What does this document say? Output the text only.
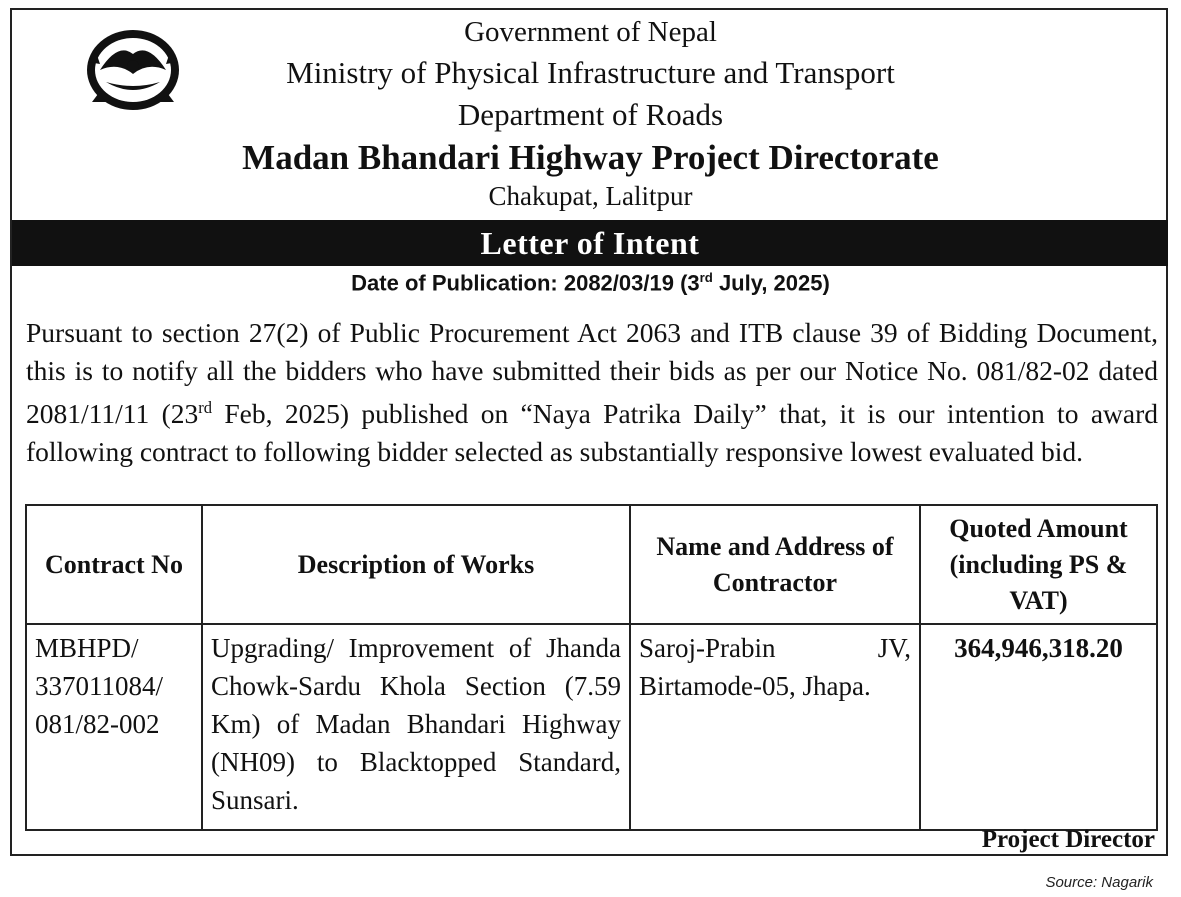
Government of Nepal
Ministry of Physical Infrastructure and Transport
Department of Roads
Madan Bhandari Highway Project Directorate
Chakupat, Lalitpur
Letter of Intent
Date of Publication: 2082/03/19 (3rd July, 2025)
Pursuant to section 27(2) of Public Procurement Act 2063 and ITB clause 39 of Bidding Document, this is to notify all the bidders who have submitted their bids as per our Notice No. 081/82-02 dated 2081/11/11 (23rd Feb, 2025) published on “Naya Patrika Daily” that, it is our intention to award following contract to following bidder selected as substantially responsive lowest evaluated bid.
Contract No	Description of Works	Name and Address of Contractor	Quoted Amount (including PS & VAT)
MBHPD/ 337011084/ 081/82-002	Upgrading/ Improvement of Jhanda Chowk-Sardu Khola Section (7.59 Km) of Madan Bhandari Highway (NH09) to Blacktopped Standard, Sunsari.	Saroj-Prabin JV, Birtamode-05, Jhapa.	364,946,318.20
Project Director
Source: Nagarik
